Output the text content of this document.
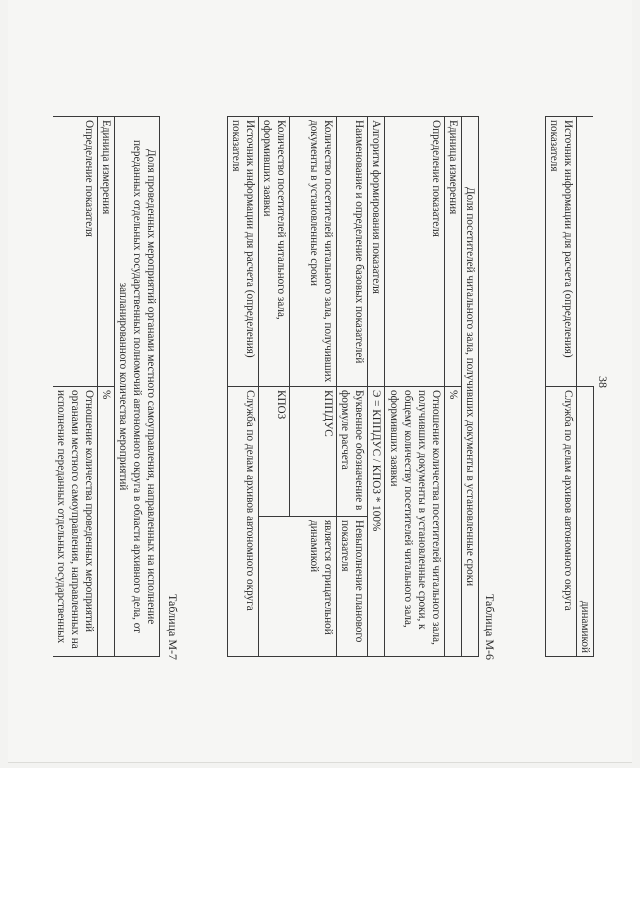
38
	динамикой
Источник информации для расчета (определения) показателя	Служба по делам архивов автономного округа
Таблица М-6
Доля посетителей читального зала, получивших документы в установленные сроки		
Единица измерения	%	
Определение показателя	Отношение количества посетителей читального зала, получивших документы в установленные сроки, к общему количеству посетителей читального зала, оформивших заявки	
Алгоритм формирования показателя	Э = КППДУС / КПОЗ * 100%	
Наименование и определение базовых показателей	Буквенное обозначение в формуле расчета	Невыполнение планового показателя
является отрицательной динамикой

Количество посетителей читального зала, получивших документы в установленные сроки	КППДУС	
Количество посетителей читального зала, оформивших заявки	КПОЗ	
Источник информации для расчета (определения) показателя	Служба по делам архивов автономного округа	
Таблица М-7
Доля проведенных мероприятий органами местного самоуправления, направленных на исполнение переданных отдельных государственных полномочий автономного округа в области архивного дела, от запланированного количества мероприятий	
Единица измерения	%
Определение показателя	Отношение количества проведенных мероприятий органами местного самоуправления, направленных на исполнение переданных отдельных государственных
